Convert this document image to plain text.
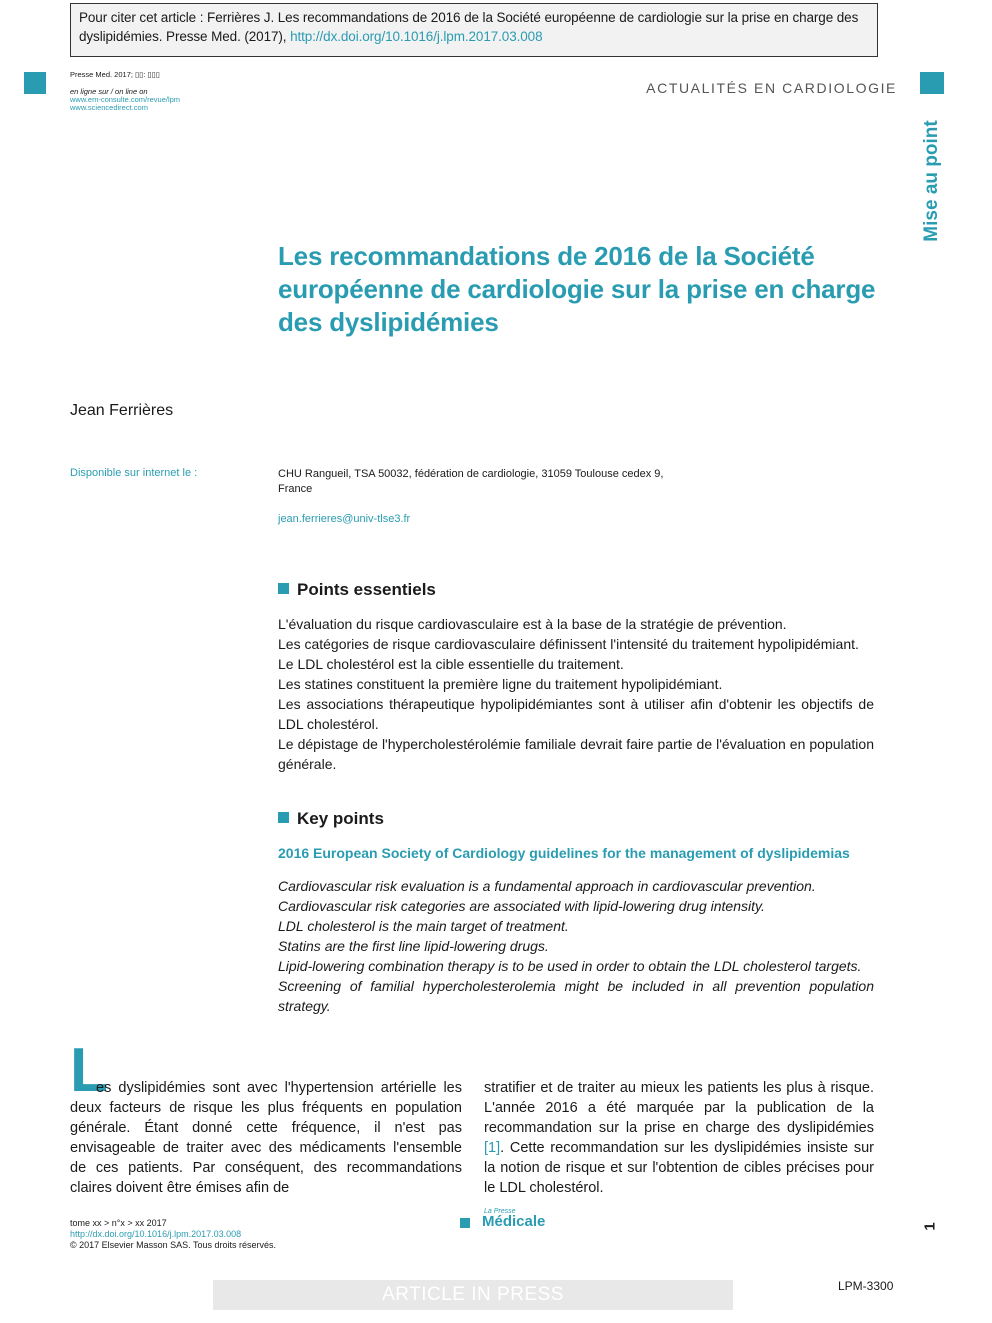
Pour citer cet article : Ferrières J. Les recommandations de 2016 de la Société européenne de cardiologie sur la prise en charge des dyslipidémies. Presse Med. (2017), http://dx.doi.org/10.1016/j.lpm.2017.03.008
Presse Med. 2017; ▯▯: ▯▯▯
en ligne sur / on line on
www.em-consulte.com/revue/lpm
www.sciencedirect.com
ACTUALITÉS EN CARDIOLOGIE
Mise au point
Les recommandations de 2016 de la Société européenne de cardiologie sur la prise en charge des dyslipidémies
Jean Ferrières
Disponible sur internet le :	CHU Rangueil, TSA 50032, fédération de cardiologie, 31059 Toulouse cedex 9, France
jean.ferrieres@univ-tlse3.fr
Points essentiels

L'évaluation du risque cardiovasculaire est à la base de la stratégie de prévention.

Les catégories de risque cardiovasculaire définissent l'intensité du traitement hypolipidémiant.

Le LDL cholestérol est la cible essentielle du traitement.

Les statines constituent la première ligne du traitement hypolipidémiant.

Les associations thérapeutique hypolipidémiantes sont à utiliser afin d'obtenir les objectifs de LDL cholestérol.

Le dépistage de l'hypercholestérolémie familiale devrait faire partie de l'évaluation en population générale.

Key points
2016 European Society of Cardiology guidelines for the management of dyslipidemias

Cardiovascular risk evaluation is a fundamental approach in cardiovascular prevention.

Cardiovascular risk categories are associated with lipid-lowering drug intensity.

LDL cholesterol is the main target of treatment.

Statins are the first line lipid-lowering drugs.

Lipid-lowering combination therapy is to be used in order to obtain the LDL cholesterol targets.

Screening of familial hypercholesterolemia might be included in all prevention population strategy.

L
es dyslipidémies sont avec l'hypertension artérielle les deux facteurs de risque les plus fréquents en population générale. Étant donné cette fréquence, il n'est pas envisageable de traiter avec des médicaments l'ensemble de ces patients. Par conséquent, des recommandations claires doivent être émises afin de
stratifier et de traiter au mieux les patients les plus à risque. L'année 2016 a été marquée par la publication de la recommandation sur la prise en charge des dyslipidémies [1]. Cette recommandation sur les dyslipidémies insiste sur la notion de risque et sur l'obtention de cibles précises pour le LDL cholestérol.
tome xx > n°x > xx 2017
http://dx.doi.org/10.1016/j.lpm.2017.03.008
© 2017 Elsevier Masson SAS. Tous droits réservés.
La Presse
Médicale	1
ARTICLE IN PRESS	LPM-3300
